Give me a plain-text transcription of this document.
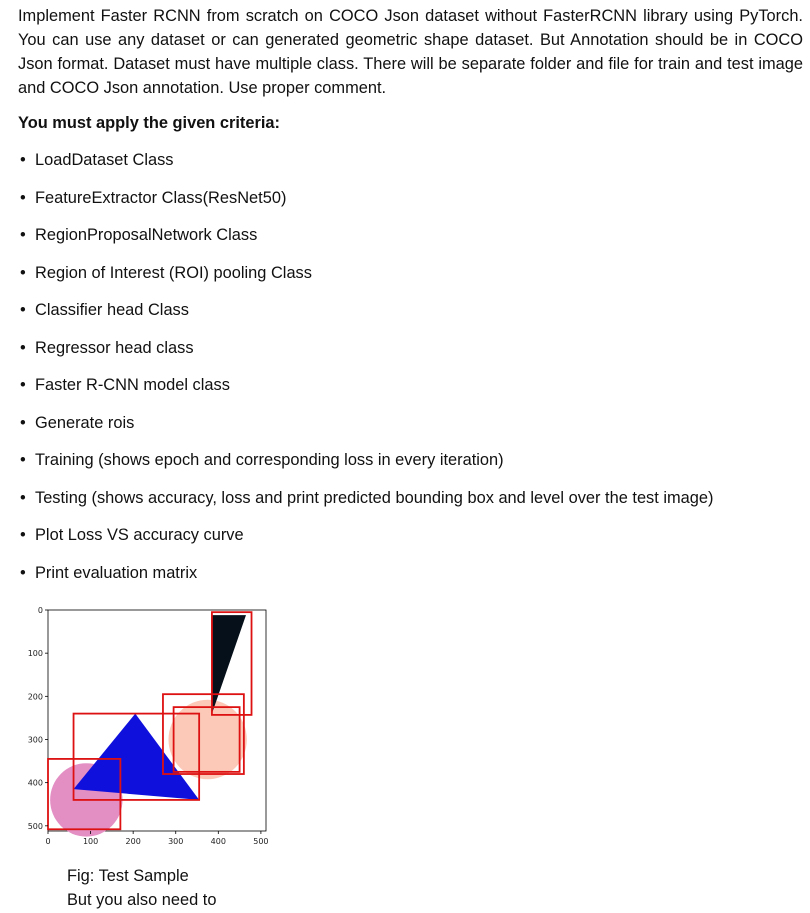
Implement Faster RCNN from scratch on COCO Json dataset without FasterRCNN library using PyTorch. You can use any dataset or can generated geometric shape dataset. But Annotation should be in COCO Json format. Dataset must have multiple class. There will be separate folder and file for train and test image and COCO Json annotation. Use proper comment.

You must apply the given criteria:

• LoadDataset Class
• FeatureExtractor Class(ResNet50)
• RegionProposalNetwork Class
• Region of Interest (ROI) pooling Class
• Classifier head Class
• Regressor head class
• Faster R-CNN model class
• Generate rois
• Training (shows epoch and corresponding loss in every iteration)
• Testing (shows accuracy, loss and print predicted bounding box and level over the test image)
• Plot Loss VS accuracy curve
• Print evaluation matrix
0	100	200	300	400	500
0
100
200
300
400
500
Fig: Test Sample
But you also need to
